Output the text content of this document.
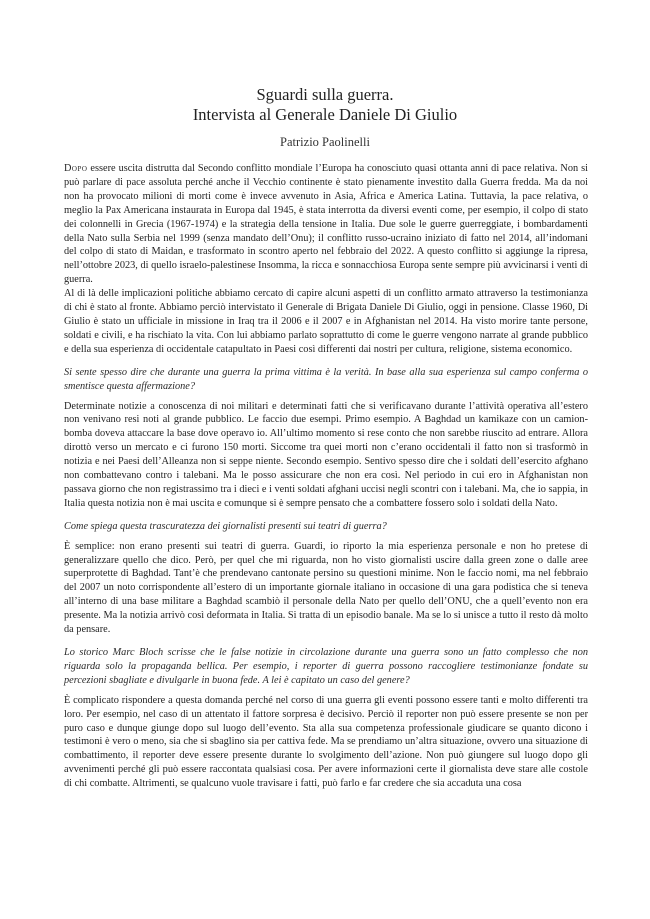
Sguardi sulla guerra.
Intervista al Generale Daniele Di Giulio
Patrizio Paolinelli

Dopo essere uscita distrutta dal Secondo conflitto mondiale l’Europa ha conosciuto quasi ottanta anni di pace relativa. Non si può parlare di pace assoluta perché anche il Vecchio continente è stato pienamente investito dalla Guerra fredda. Ma da noi non ha provocato milioni di morti come è invece avvenuto in Asia, Africa e America Latina. Tuttavia, la pace relativa, o meglio la Pax Americana instaurata in Europa dal 1945, è stata interrotta da diversi eventi come, per esempio, il colpo di stato dei colonnelli in Grecia (1967-1974) e la strategia della tensione in Italia. Due sole le guerre guerreggiate, i bombardamenti della Nato sulla Serbia nel 1999 (senza mandato dell’Onu); il conflitto russo-ucraino iniziato di fatto nel 2014, all’indomani del colpo di stato di Maidan, e trasformato in scontro aperto nel febbraio del 2022. A questo conflitto si aggiunge la ripresa, nell’ottobre 2023, di quello israelo-palestinese Insomma, la ricca e sonnacchiosa Europa sente sempre più avvicinarsi i venti di guerra.

Al di là delle implicazioni politiche abbiamo cercato di capire alcuni aspetti di un conflitto armato attraverso la testimonianza di chi è stato al fronte. Abbiamo perciò intervistato il Generale di Brigata Daniele Di Giulio, oggi in pensione. Classe 1960, Di Giulio è stato un ufficiale in missione in Iraq tra il 2006 e il 2007 e in Afghanistan nel 2014. Ha visto morire tante persone, soldati e civili, e ha rischiato la vita. Con lui abbiamo parlato soprattutto di come le guerre vengono narrate al grande pubblico e della sua esperienza di occidentale catapultato in Paesi così differenti dai nostri per cultura, religione, sistema economico.

Si sente spesso dire che durante una guerra la prima vittima è la verità. In base alla sua esperienza sul campo conferma o smentisce questa affermazione?

Determinate notizie a conoscenza di noi militari e determinati fatti che si verificavano durante l’attività operativa all’estero non venivano resi noti al grande pubblico. Le faccio due esempi. Primo esempio. A Baghdad un kamikaze con un camion-bomba doveva attaccare la base dove operavo io. All’ultimo momento si rese conto che non sarebbe riuscito ad entrare. Allora dirottò verso un mercato e ci furono 150 morti. Siccome tra quei morti non c’erano occidentali il fatto non si trasformò in notizia e nei Paesi dell’Alleanza non si seppe niente. Secondo esempio. Sentivo spesso dire che i soldati dell’esercito afghano non combattevano contro i talebani. Ma le posso assicurare che non era così. Nel periodo in cui ero in Afghanistan non passava giorno che non registrassimo tra i dieci e i venti soldati afghani uccisi negli scontri con i talebani. Ma, che io sappia, in Italia questa notizia non è mai uscita e comunque si è sempre pensato che a combattere fossero solo i soldati della Nato.

Come spiega questa trascuratezza dei giornalisti presenti sui teatri di guerra?

È semplice: non erano presenti sui teatri di guerra. Guardi, io riporto la mia esperienza personale e non ho pretese di generalizzare quello che dico. Però, per quel che mi riguarda, non ho visto giornalisti uscire dalla green zone o dalle aree superprotette di Baghdad. Tant’è che prendevano cantonate persino su questioni minime. Non le faccio nomi, ma nel febbraio del 2007 un noto corrispondente all’estero di un importante giornale italiano in occasione di una gara podistica che si teneva all’interno di una base militare a Baghdad scambiò il personale della Nato per quello dell’ONU, che a quell’evento non era presente. Ma la notizia arrivò così deformata in Italia. Si tratta di un episodio banale. Ma se lo si unisce a tutto il resto dà molto da pensare.

Lo storico Marc Bloch scrisse che le false notizie in circolazione durante una guerra sono un fatto complesso che non riguarda solo la propaganda bellica. Per esempio, i reporter di guerra possono raccogliere testimonianze fondate su percezioni sbagliate e divulgarle in buona fede. A lei è capitato un caso del genere?

È complicato rispondere a questa domanda perché nel corso di una guerra gli eventi possono essere tanti e molto differenti tra loro. Per esempio, nel caso di un attentato il fattore sorpresa è decisivo. Perciò il reporter non può essere presente se non per puro caso e dunque giunge dopo sul luogo dell’evento. Sta alla sua competenza professionale giudicare se quanto dicono i testimoni è vero o meno, sia che si sbaglino sia per cattiva fede. Ma se prendiamo un’altra situazione, ovvero una situazione di combattimento, il reporter deve essere presente durante lo svolgimento dell’azione. Non può giungere sul luogo dopo gli avvenimenti perché gli può essere raccontata qualsiasi cosa. Per avere informazioni certe il giornalista deve stare alle costole di chi combatte. Altrimenti, se qualcuno vuole travisare i fatti, può farlo e far credere che sia accaduta una cosa
